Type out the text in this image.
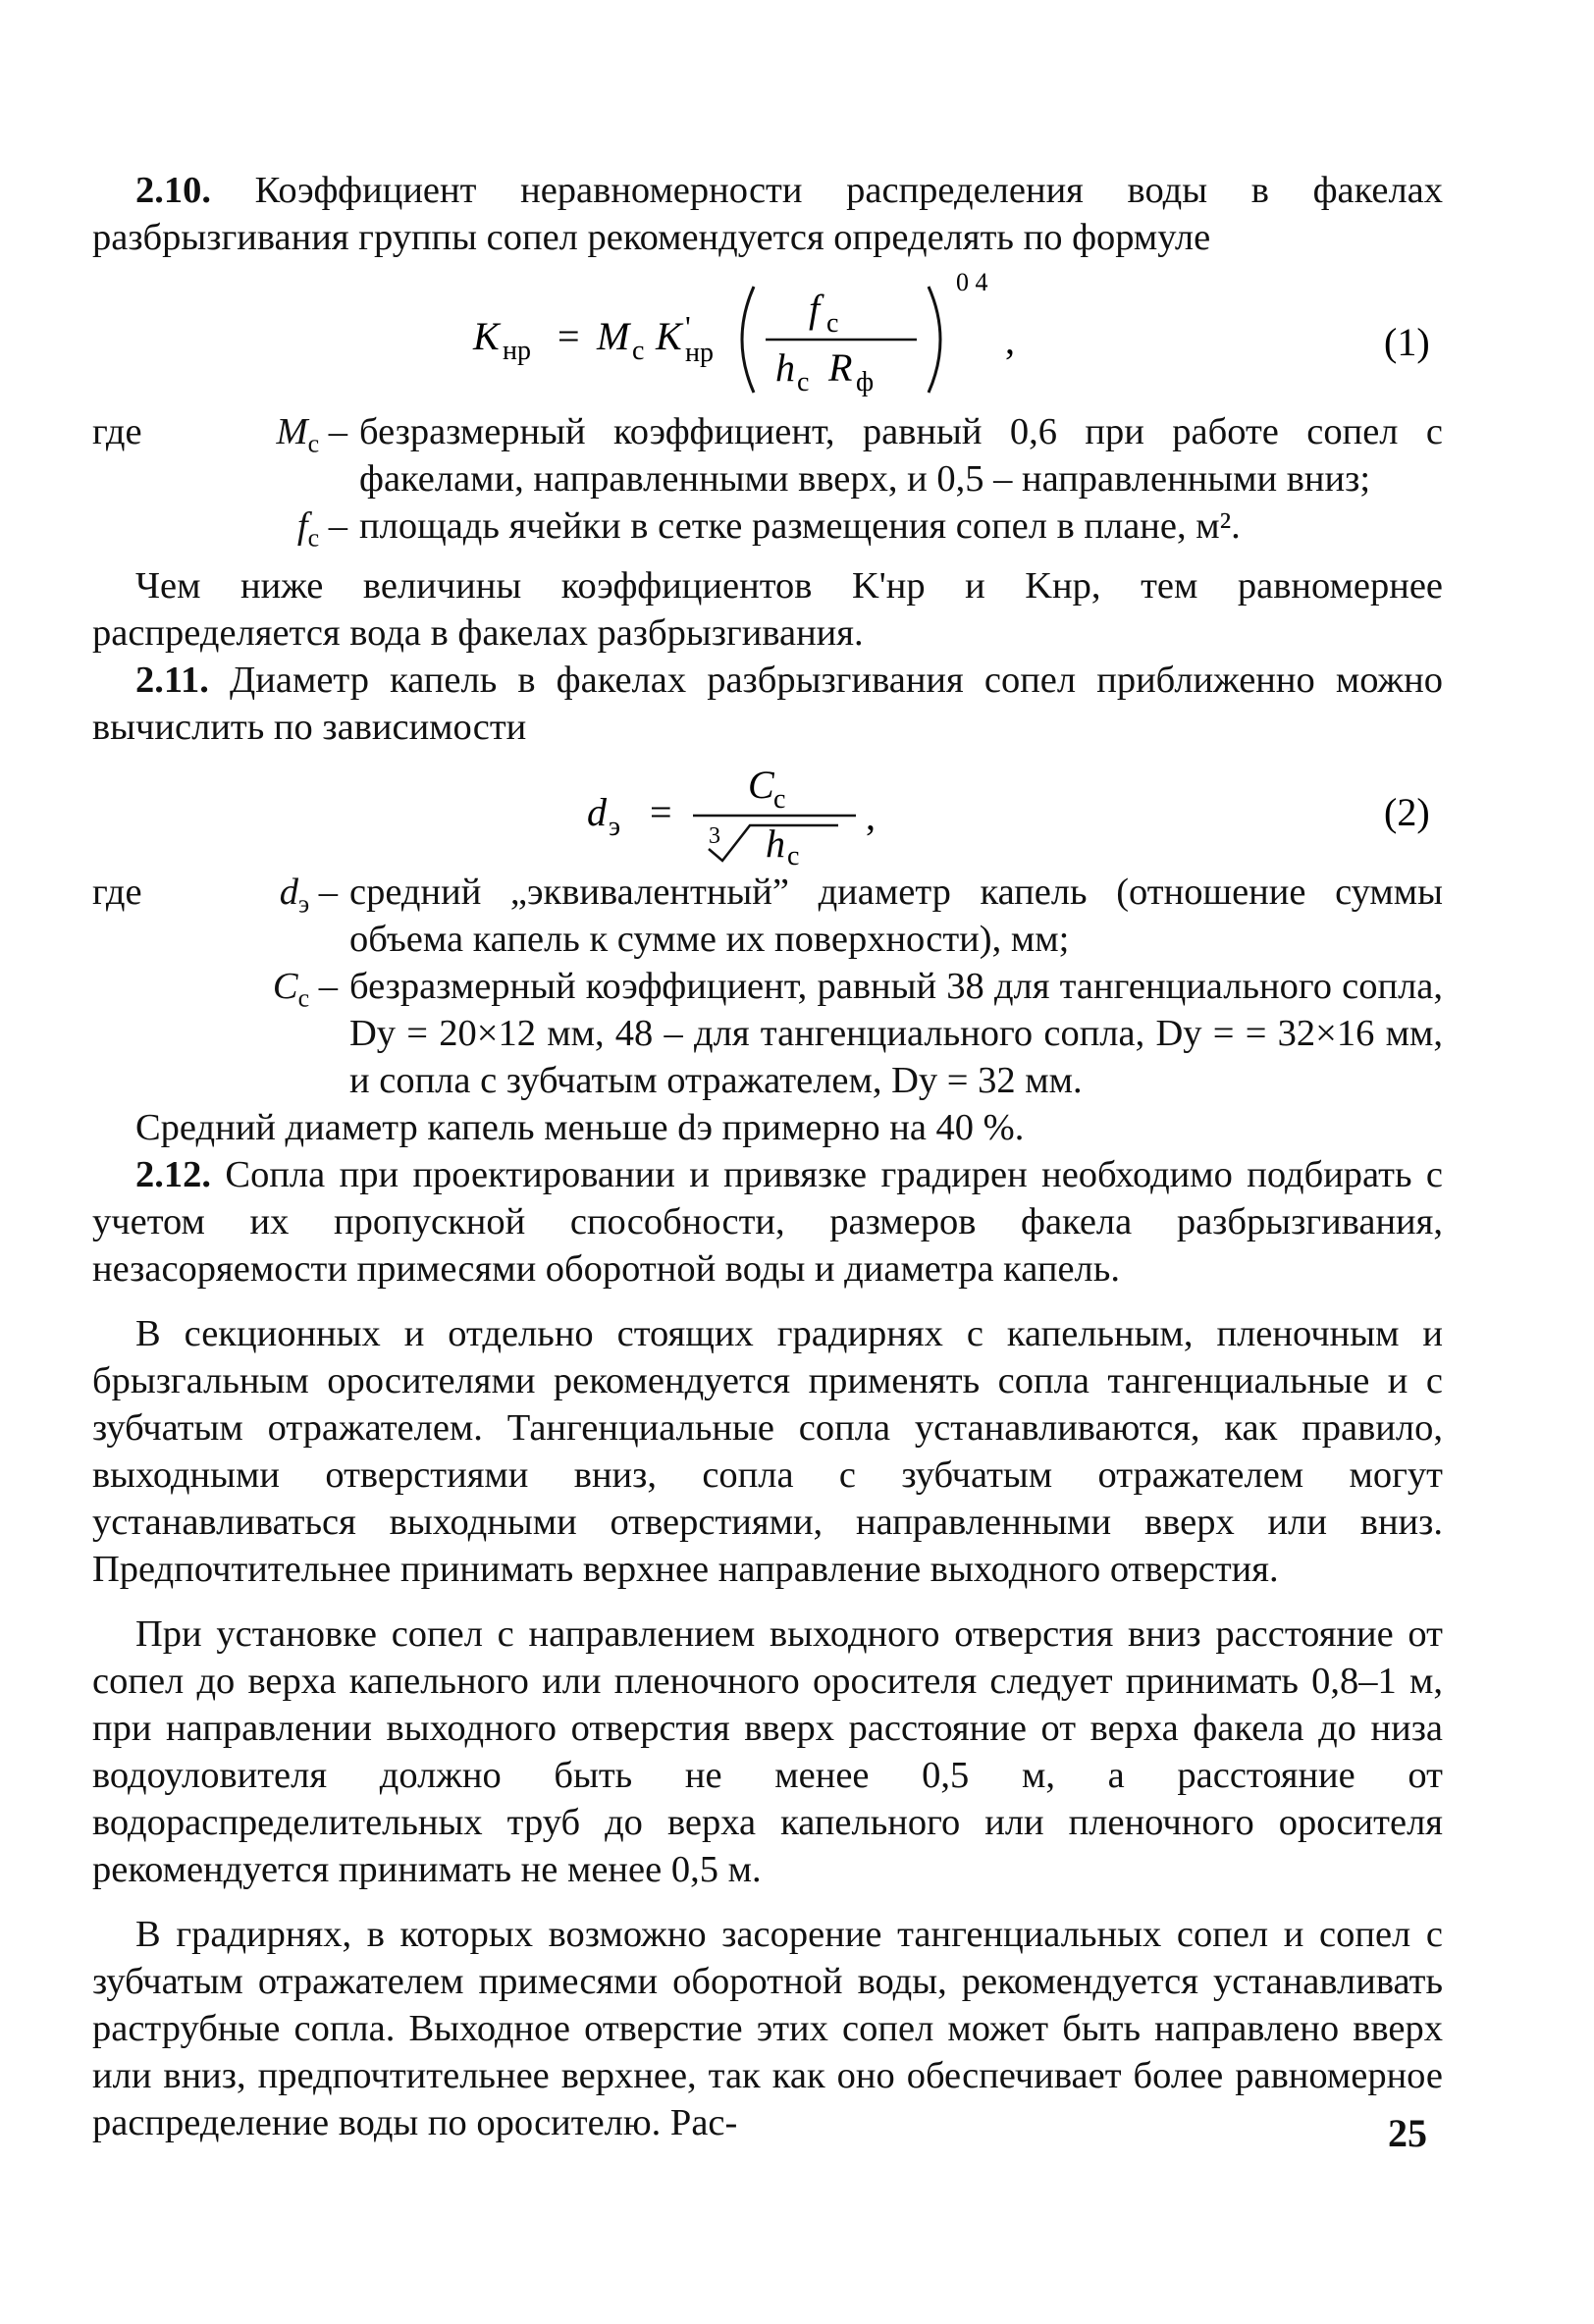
2.10. Коэффициент неравномерности распределения воды в факелах разбрызгивания группы сопел рекомендуется определять по формуле

K нр = M c K '
нр
f c
h c R ф
0 4
,	(1)
где	$M_c$ – безразмерный коэффициент, равный 0,6 при работе сопел с факелами, направленными вверх, и 0,5 – направленными вниз;
$f_c$ – площадь ячейки в сетке размещения сопел в плане, м².

Чем ниже величины коэффициентов K'нр и Kнр, тем равномернее распределяется вода в факелах разбрызгивания.

2.11. Диаметр капель в факелах разбрызгивания сопел приближенно можно вычислить по зависимости

d э =
C c
3 h c
,	(2)
где	$d_э$ – средний „эквивалентный” диаметр капель (отношение суммы объема капель к сумме их поверхности), мм;
$C_c$ – безразмерный коэффициент, равный 38 для тангенциального сопла, Dу = 20×12 мм, 48 – для тангенциального сопла, Dу = = 32×16 мм, и сопла с зубчатым отражателем, Dу = 32 мм.

Средний диаметр капель меньше dэ примерно на 40 %.

2.12. Сопла при проектировании и привязке градирен необходимо подбирать с учетом их пропускной способности, размеров факела разбрызгивания, незасоряемости примесями оборотной воды и диаметра капель.

В секционных и отдельно стоящих градирнях с капельным, пленочным и брызгальным оросителями рекомендуется применять сопла тангенциальные и с зубчатым отражателем. Тангенциальные сопла устанавливаются, как правило, выходными отверстиями вниз, сопла с зубчатым отражателем могут устанавливаться выходными отверстиями, направленными вверх или вниз. Предпочтительнее принимать верхнее направление выходного отверстия.

При установке сопел с направлением выходного отверстия вниз расстояние от сопел до верха капельного или пленочного оросителя следует принимать 0,8–1 м, при направлении выходного отверстия вверх расстояние от верха факела до низа водоуловителя должно быть не менее 0,5 м, а расстояние от водораспределительных труб до верха капельного или пленочного оросителя рекомендуется принимать не менее 0,5 м.

В градирнях, в которых возможно засорение тангенциальных сопел и сопел с зубчатым отражателем примесями оборотной воды, рекомендуется устанавливать раструбные сопла. Выходное отверстие этих сопел может быть направлено вверх или вниз, предпочтительнее верхнее, так как оно обеспечивает более равномерное распределение воды по оросителю. Рас-	25
